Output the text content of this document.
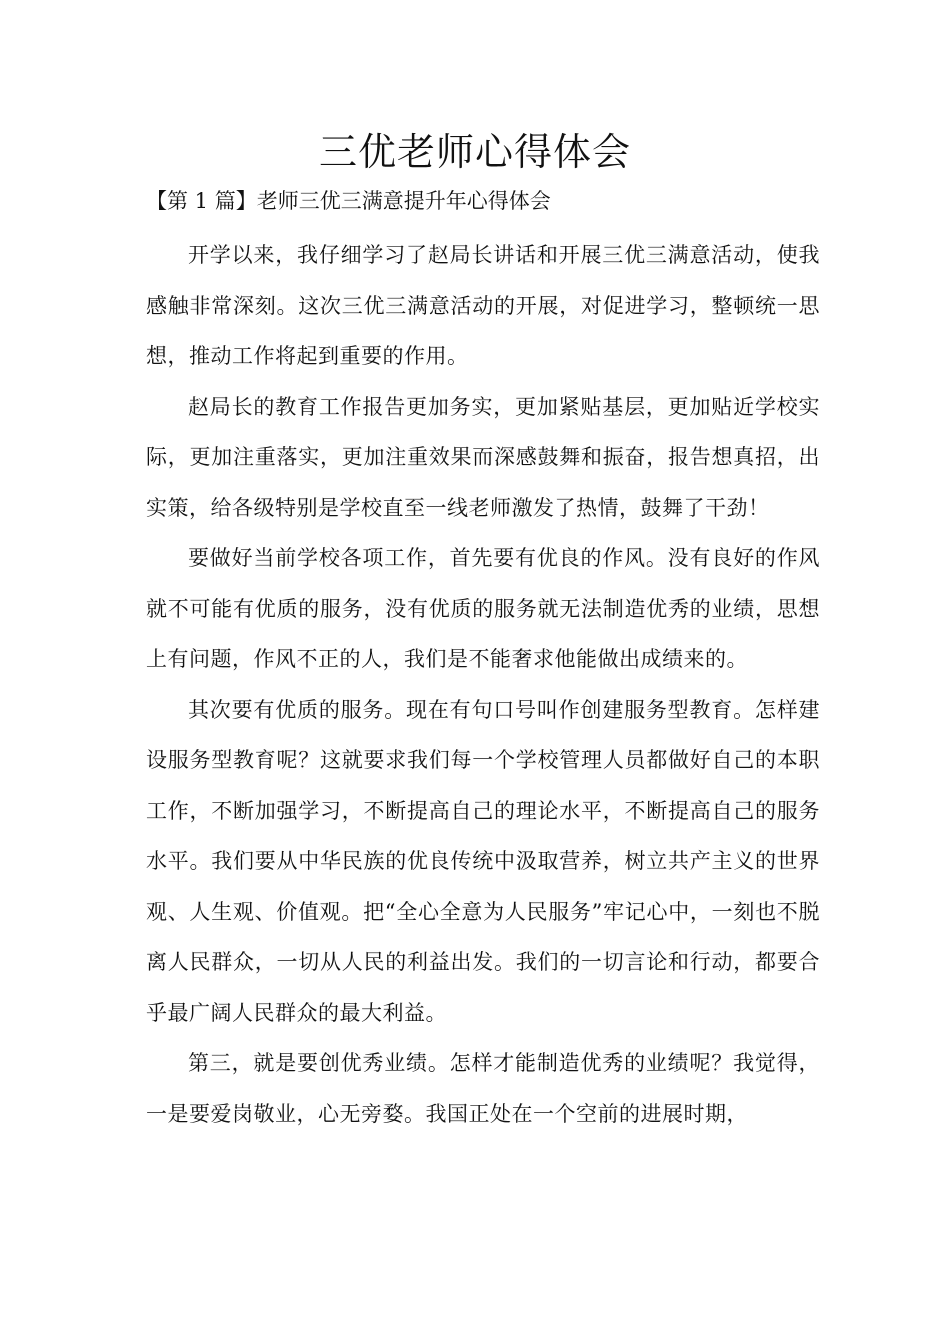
三优老师心得体会
【第 1 篇】老师三优三满意提升年心得体会

开学以来，我仔细学习了赵局长讲话和开展三优三满意活动，使我感触非常深刻。这次三优三满意活动的开展，对促进学习，整顿统一思想，推动工作将起到重要的作用。

赵局长的教育工作报告更加务实，更加紧贴基层，更加贴近学校实际，更加注重落实，更加注重效果而深感鼓舞和振奋，报告想真招，出实策，给各级特别是学校直至一线老师激发了热情，鼓舞了干劲！

要做好当前学校各项工作，首先要有优良的作风。没有良好的作风就不可能有优质的服务，没有优质的服务就无法制造优秀的业绩，思想上有问题，作风不正的人，我们是不能奢求他能做出成绩来的。

其次要有优质的服务。现在有句口号叫作创建服务型教育。怎样建设服务型教育呢？这就要求我们每一个学校管理人员都做好自己的本职工作，不断加强学习，不断提高自己的理论水平，不断提高自己的服务水平。我们要从中华民族的优良传统中汲取营养，树立共产主义的世界观、人生观、价值观。把“全心全意为人民服务”牢记心中，一刻也不脱离人民群众，一切从人民的利益出发。我们的一切言论和行动，都要合乎最广阔人民群众的最大利益。

第三，就是要创优秀业绩。怎样才能制造优秀的业绩呢？我觉得，一是要爱岗敬业，心无旁婺。我国正处在一个空前的进展时期，
